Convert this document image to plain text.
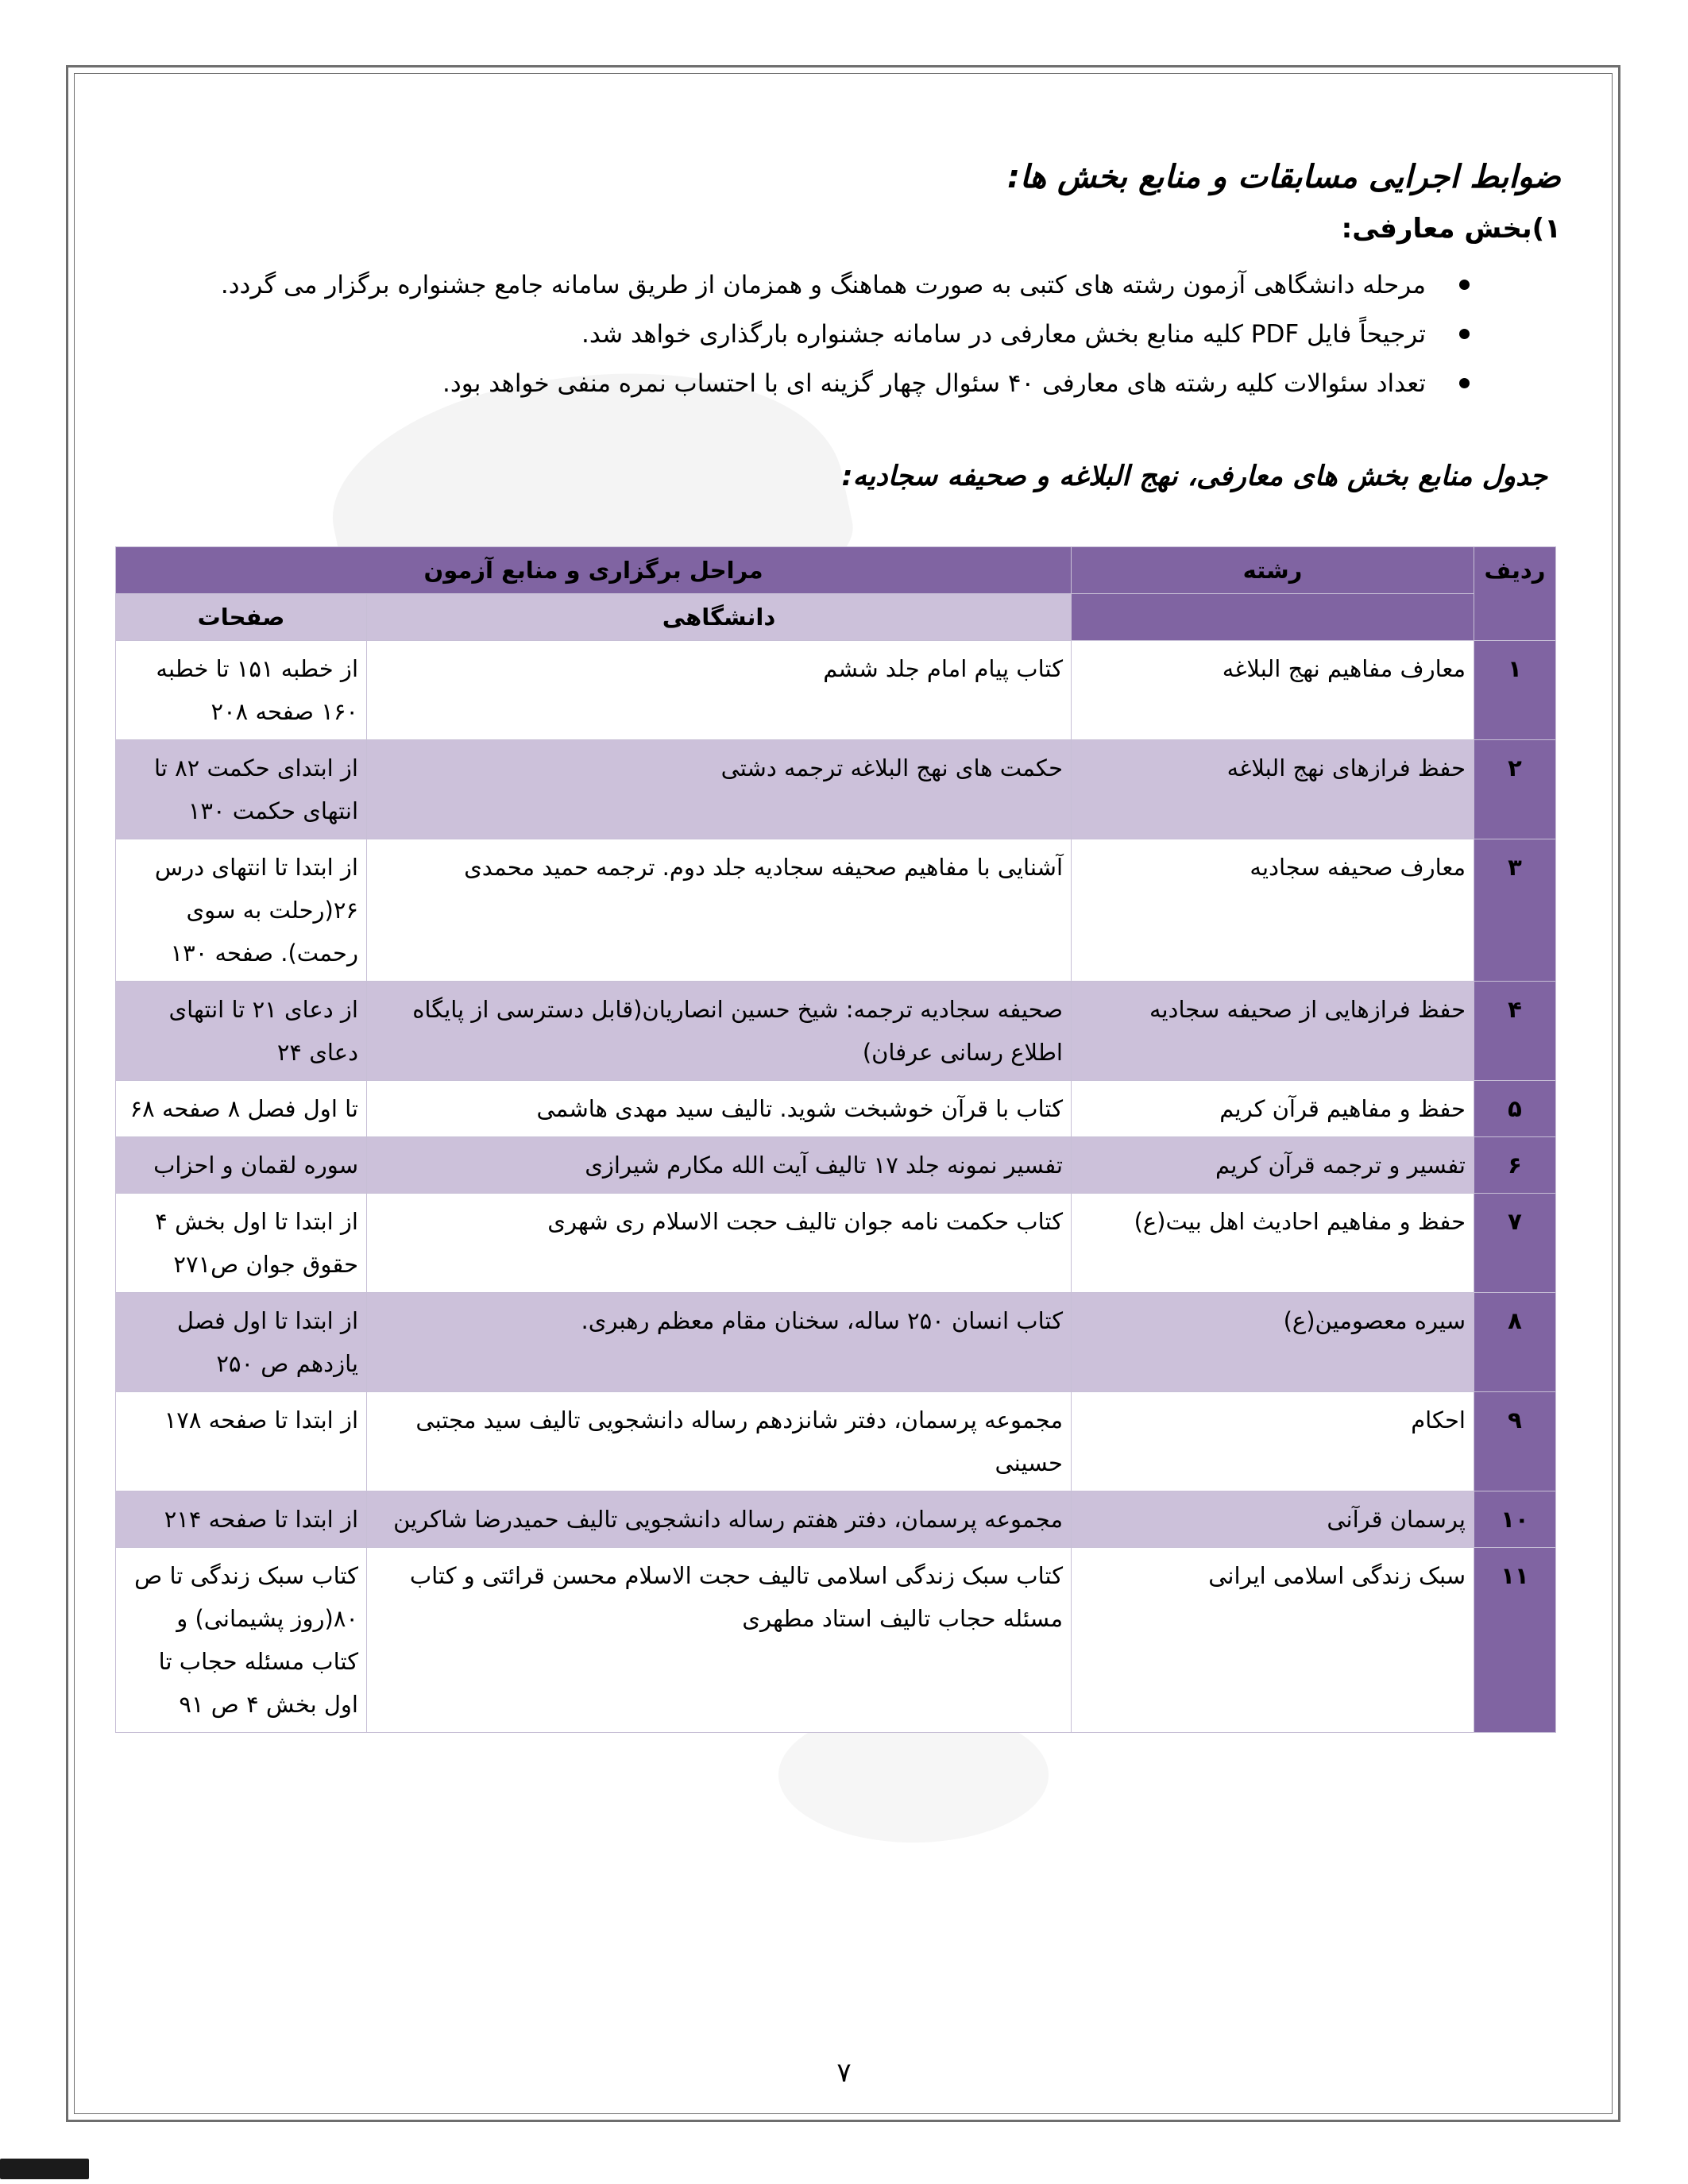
ضوابط اجرایی مسابقات و منابع بخش ها:
۱)بخش معارفی:
مرحله دانشگاهی آزمون رشته های کتبی به صورت هماهنگ و همزمان از طریق سامانه جامع جشنواره برگزار می گردد.
ترجیحاً فایل PDF کلیه منابع بخش معارفی در سامانه جشنواره بارگذاری خواهد شد.
تعداد سئوالات کلیه رشته های معارفی ۴۰ سئوال چهار گزینه ای با احتساب نمره منفی خواهد بود.
جدول منابع بخش های معارفی، نهج البلاغه و صحیفه سجادیه:
ردیف	رشته	مراحل برگزاری و منابع آزمون	
		دانشگاهی	صفحات
۱	معارف مفاهیم نهج البلاغه	کتاب پیام امام جلد ششم	از خطبه ۱۵۱ تا خطبه ۱۶۰ صفحه ۲۰۸
۲	حفظ فرازهای نهج البلاغه	حکمت های نهج البلاغه ترجمه دشتی	از ابتدای حکمت ۸۲ تا انتهای حکمت ۱۳۰
۳	معارف صحیفه سجادیه	آشنایی با مفاهیم صحیفه سجادیه جلد دوم. ترجمه حمید محمدی	از ابتدا تا انتهای درس ۲۶(رحلت به سوی رحمت). صفحه ۱۳۰
۴	حفظ فرازهایی از صحیفه سجادیه	صحیفه سجادیه ترجمه: شیخ حسین انصاریان(قابل دسترسی از پایگاه اطلاع رسانی عرفان)	از دعای ۲۱ تا انتهای دعای ۲۴
۵	حفظ و مفاهیم قرآن کریم	کتاب با قرآن خوشبخت شوید. تالیف سید مهدی هاشمی	تا اول فصل ۸ صفحه ۶۸
۶	تفسیر و ترجمه قرآن کریم	تفسیر نمونه جلد ۱۷ تالیف آیت الله مکارم شیرازی	سوره لقمان و احزاب
۷	حفظ و مفاهیم احادیث اهل بیت(ع)	کتاب حکمت نامه جوان تالیف حجت الاسلام ری شهری	از ابتدا تا اول بخش ۴ حقوق جوان ص۲۷۱
۸	سیره معصومین(ع)	کتاب انسان ۲۵۰ ساله، سخنان مقام معظم رهبری.	از ابتدا تا اول فصل یازدهم ص ۲۵۰
۹	احکام	مجموعه پرسمان، دفتر شانزدهم رساله دانشجویی تالیف سید مجتبی حسینی	از ابتدا تا صفحه ۱۷۸
۱۰	پرسمان قرآنی	مجموعه پرسمان، دفتر هفتم رساله دانشجویی تالیف حمیدرضا شاکرین	از ابتدا تا صفحه ۲۱۴
۱۱	سبک زندگی اسلامی ایرانی	کتاب سبک زندگی اسلامی تالیف حجت الاسلام محسن قرائتی و کتاب مسئله حجاب تالیف استاد مطهری	کتاب سبک زندگی تا ص ۸۰(روز پشیمانی) و کتاب مسئله حجاب تا اول بخش ۴ ص ۹۱
۷
